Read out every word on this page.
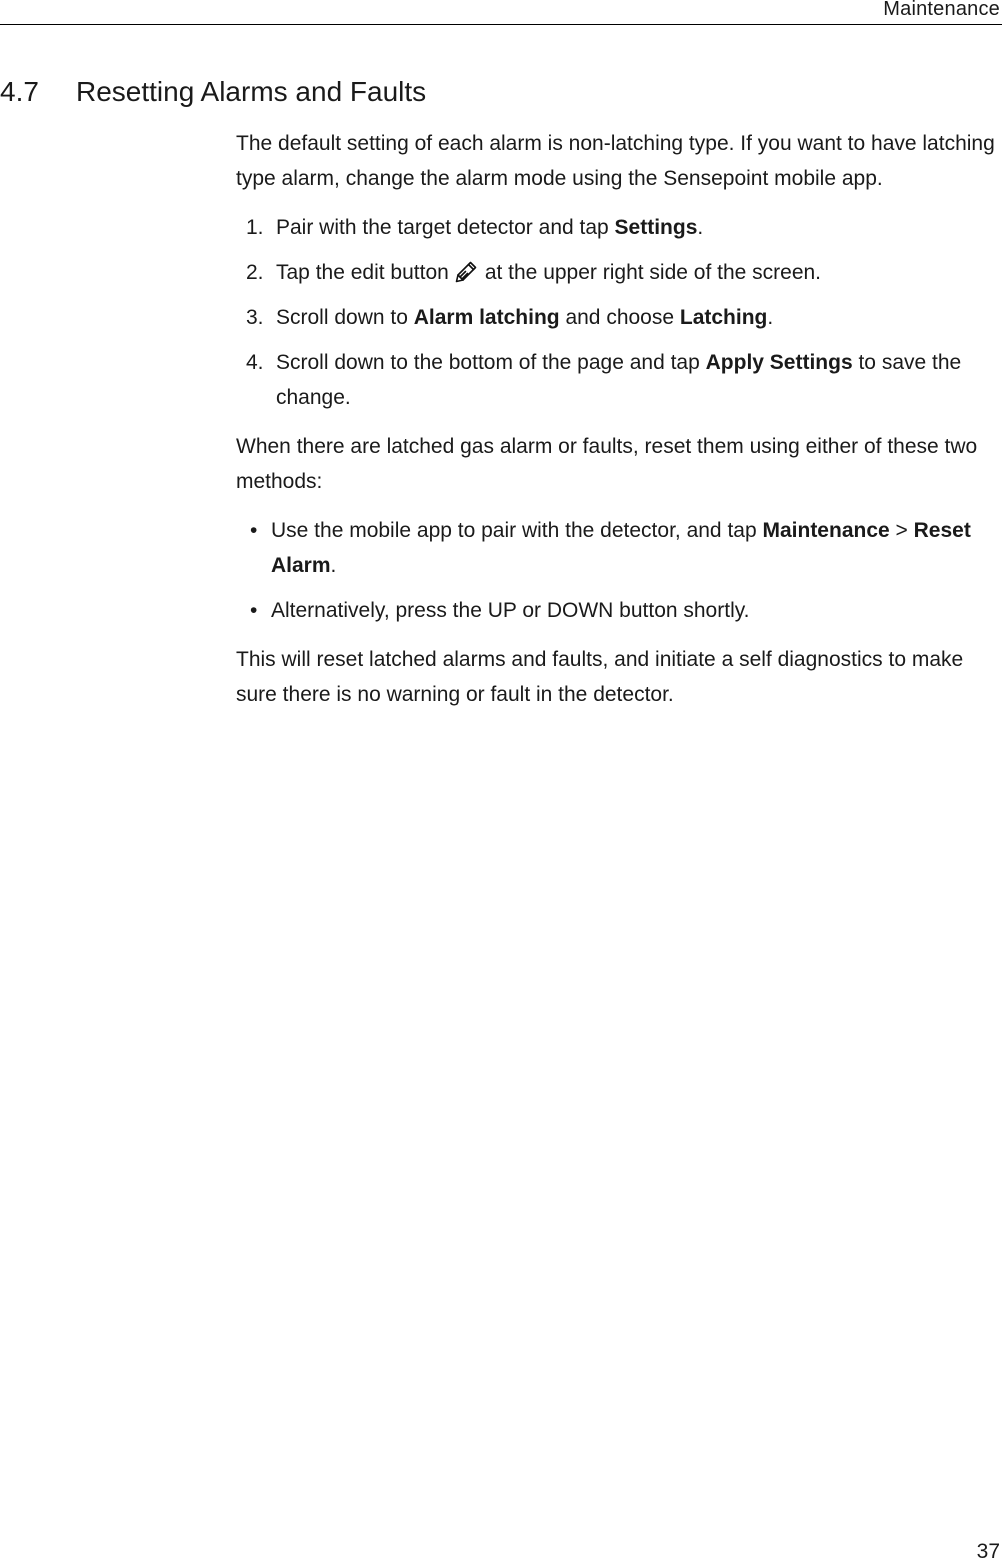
Maintenance
4.7 Resetting Alarms and Faults

The default setting of each alarm is non-latching type. If you want to have latching type alarm, change the alarm mode using the Sensepoint mobile app.

1. Pair with the target detector and tap Settings.
2. Tap the edit button at the upper right side of the screen.
3. Scroll down to Alarm latching and choose Latching.
4. Scroll down to the bottom of the page and tap Apply Settings to save the change.

When there are latched gas alarm or faults, reset them using either of these two methods:

• Use the mobile app to pair with the detector, and tap Maintenance > Reset Alarm.
• Alternatively, press the UP or DOWN button shortly.

This will reset latched alarms and faults, and initiate a self diagnostics to make sure there is no warning or fault in the detector.

37
